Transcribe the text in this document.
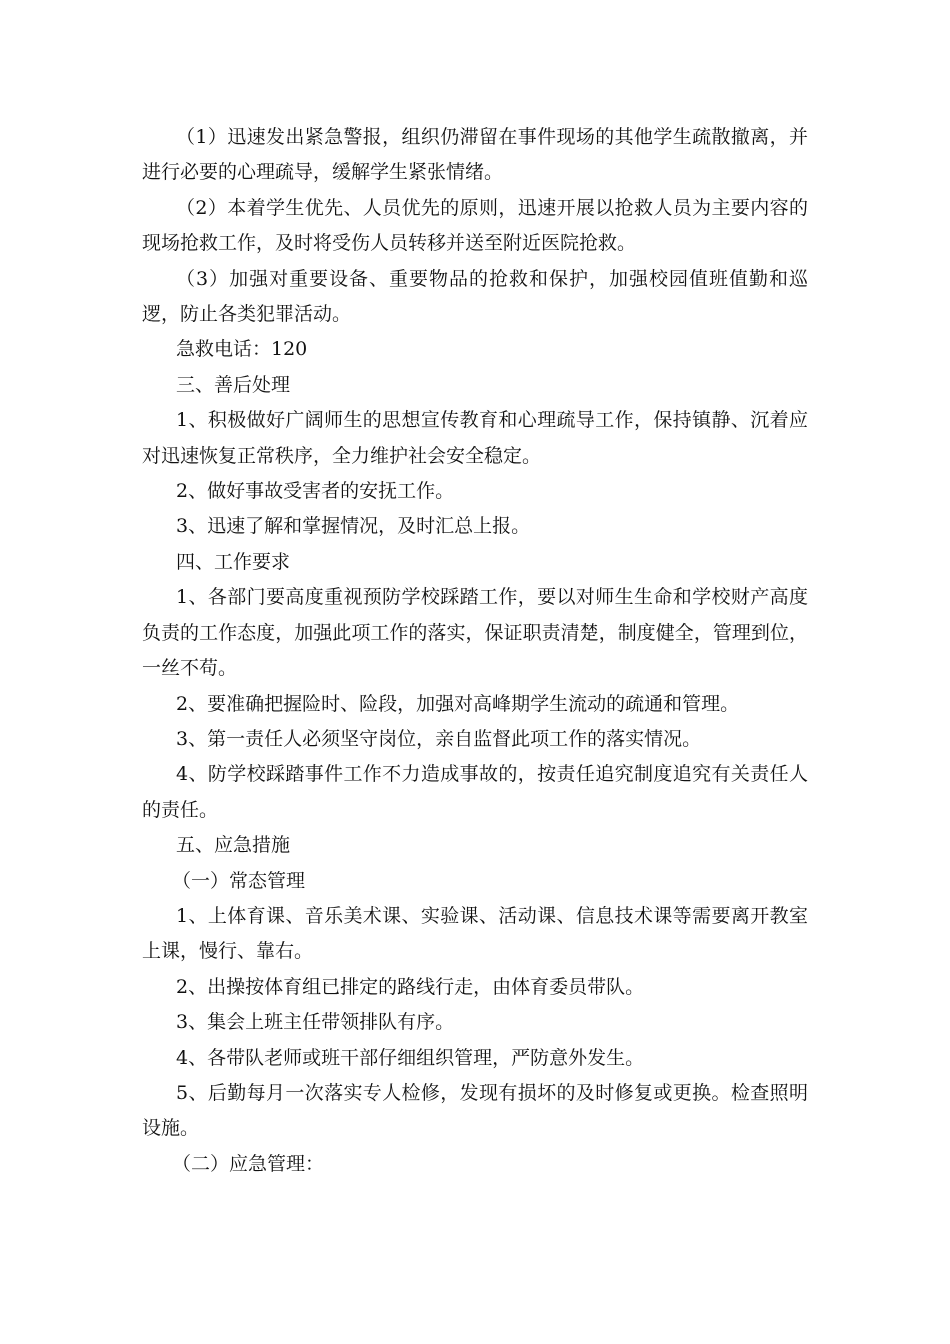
（1）迅速发出紧急警报，组织仍滞留在事件现场的其他学生疏散撤离，并进行必要的心理疏导，缓解学生紧张情绪。

（2）本着学生优先、人员优先的原则，迅速开展以抢救人员为主要内容的现场抢救工作，及时将受伤人员转移并送至附近医院抢救。

（3）加强对重要设备、重要物品的抢救和保护，加强校园值班值勤和巡逻，防止各类犯罪活动。

急救电话：120

三、善后处理

1、积极做好广阔师生的思想宣传教育和心理疏导工作，保持镇静、沉着应对迅速恢复正常秩序，全力维护社会安全稳定。

2、做好事故受害者的安抚工作。

3、迅速了解和掌握情况，及时汇总上报。

四、工作要求

1、各部门要高度重视预防学校踩踏工作，要以对师生生命和学校财产高度负责的工作态度，加强此项工作的落实，保证职责清楚，制度健全，管理到位，一丝不苟。

2、要准确把握险时、险段，加强对高峰期学生流动的疏通和管理。

3、第一责任人必须坚守岗位，亲自监督此项工作的落实情况。

4、防学校踩踏事件工作不力造成事故的，按责任追究制度追究有关责任人的责任。

五、应急措施

（一）常态管理

1、上体育课、音乐美术课、实验课、活动课、信息技术课等需要离开教室上课，慢行、靠右。

2、出操按体育组已排定的路线行走，由体育委员带队。

3、集会上班主任带领排队有序。

4、各带队老师或班干部仔细组织管理，严防意外发生。

5、后勤每月一次落实专人检修，发现有损坏的及时修复或更换。检查照明设施。

（二）应急管理：
